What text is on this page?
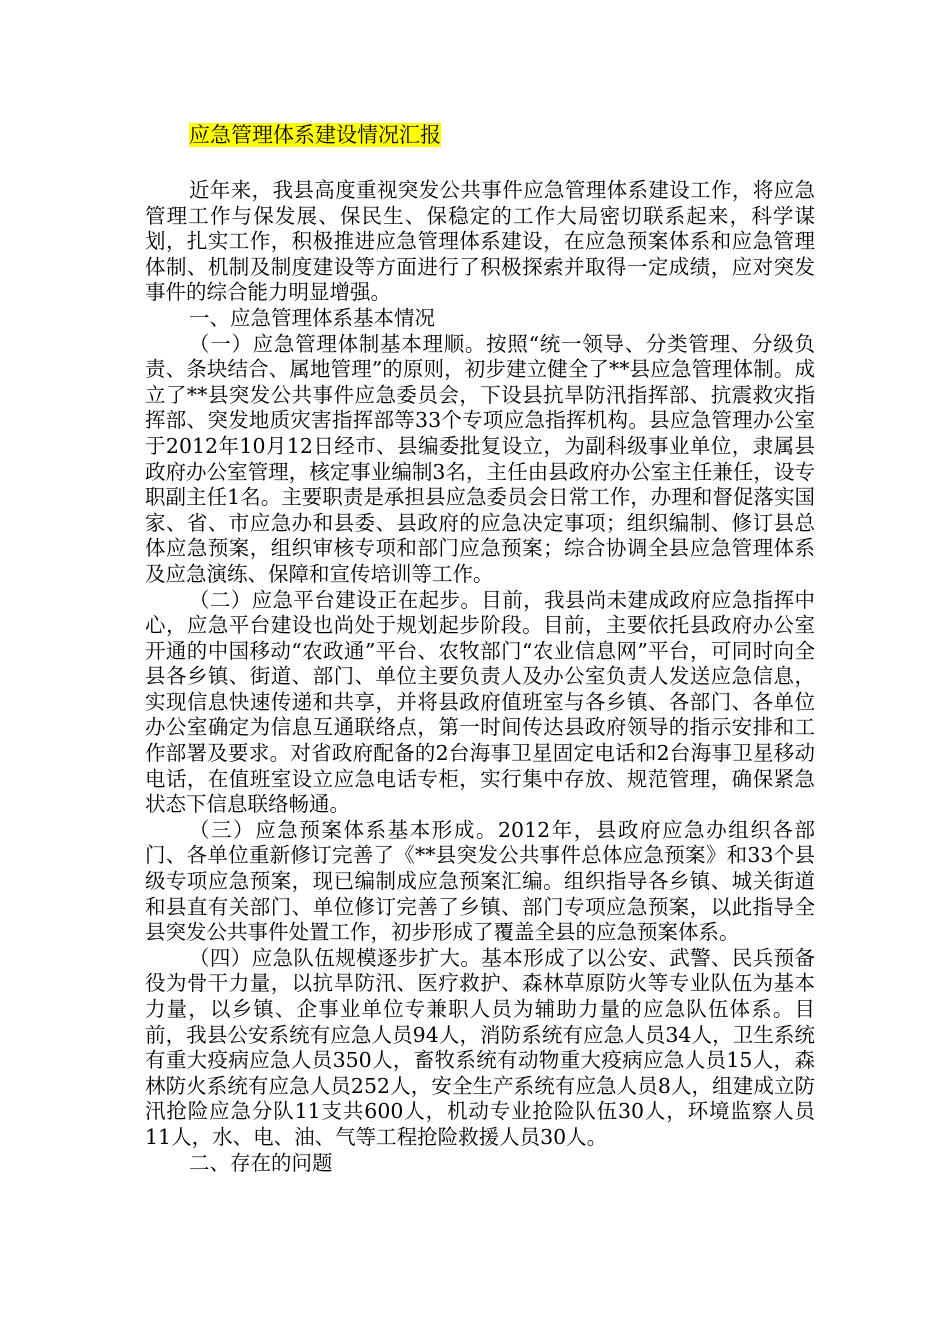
应急管理体系建设情况汇报

近年来，我县高度重视突发公共事件应急管理体系建设工作，将应急管理工作与保发展、保民生、保稳定的工作大局密切联系起来，科学谋划，扎实工作，积极推进应急管理体系建设，在应急预案体系和应急管理体制、机制及制度建设等方面进行了积极探索并取得一定成绩，应对突发事件的综合能力明显增强。

一、应急管理体系基本情况

（一）应急管理体制基本理顺。按照“统一领导、分类管理、分级负责、条块结合、属地管理”的原则，初步建立健全了**县应急管理体制。成立了**县突发公共事件应急委员会，下设县抗旱防汛指挥部、抗震救灾指挥部、突发地质灾害指挥部等33个专项应急指挥机构。县应急管理办公室于2012年10月12日经市、县编委批复设立，为副科级事业单位，隶属县政府办公室管理，核定事业编制3名，主任由县政府办公室主任兼任，设专职副主任1名。主要职责是承担县应急委员会日常工作，办理和督促落实国家、省、市应急办和县委、县政府的应急决定事项；组织编制、修订县总体应急预案，组织审核专项和部门应急预案；综合协调全县应急管理体系及应急演练、保障和宣传培训等工作。

（二）应急平台建设正在起步。目前，我县尚未建成政府应急指挥中心，应急平台建设也尚处于规划起步阶段。目前，主要依托县政府办公室开通的中国移动“农政通”平台、农牧部门“农业信息网”平台，可同时向全县各乡镇、街道、部门、单位主要负责人及办公室负责人发送应急信息，实现信息快速传递和共享，并将县政府值班室与各乡镇、各部门、各单位办公室确定为信息互通联络点，第一时间传达县政府领导的指示安排和工作部署及要求。对省政府配备的2台海事卫星固定电话和2台海事卫星移动电话，在值班室设立应急电话专柜，实行集中存放、规范管理，确保紧急状态下信息联络畅通。

（三）应急预案体系基本形成。2012年，县政府应急办组织各部门、各单位重新修订完善了《**县突发公共事件总体应急预案》和33个县级专项应急预案，现已编制成应急预案汇编。组织指导各乡镇、城关街道和县直有关部门、单位修订完善了乡镇、部门专项应急预案，以此指导全县突发公共事件处置工作，初步形成了覆盖全县的应急预案体系。

（四）应急队伍规模逐步扩大。基本形成了以公安、武警、民兵预备役为骨干力量，以抗旱防汛、医疗救护、森林草原防火等专业队伍为基本力量，以乡镇、企事业单位专兼职人员为辅助力量的应急队伍体系。目前，我县公安系统有应急人员94人，消防系统有应急人员34人，卫生系统有重大疫病应急人员350人，畜牧系统有动物重大疫病应急人员15人，森林防火系统有应急人员252人，安全生产系统有应急人员8人，组建成立防汛抢险应急分队11支共600人，机动专业抢险队伍30人，环境监察人员11人，水、电、油、气等工程抢险救援人员30人。

二、存在的问题
